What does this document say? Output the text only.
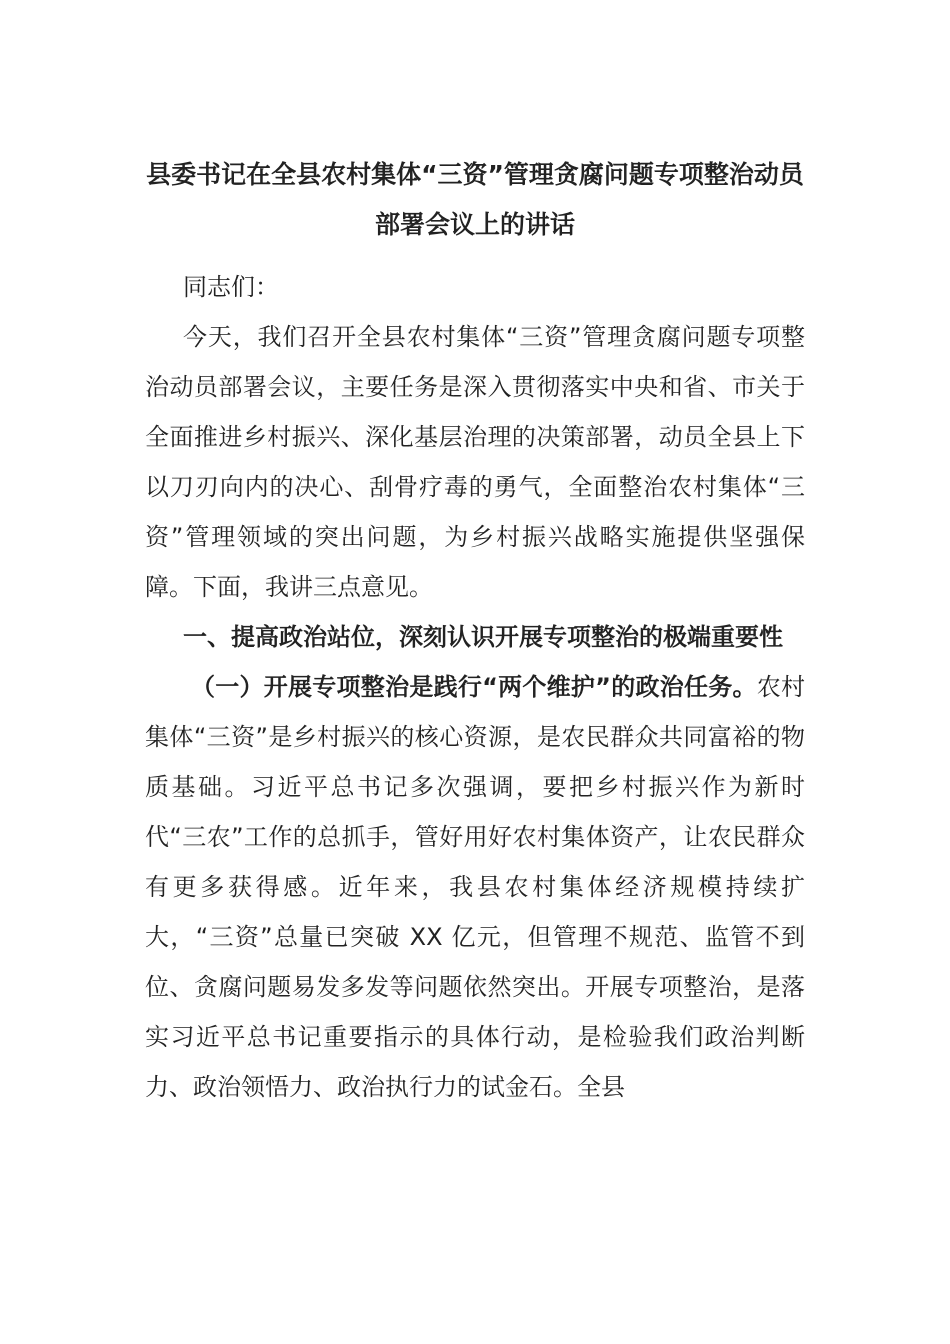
县委书记在全县农村集体“三资”管理贪腐问题专项整治动员
部署会议上的讲话

同志们：

今天，我们召开全县农村集体“三资”管理贪腐问题专项整治动员部署会议，主要任务是深入贯彻落实中央和省、市关于全面推进乡村振兴、深化基层治理的决策部署，动员全县上下以刀刃向内的决心、刮骨疗毒的勇气，全面整治农村集体“三资”管理领域的突出问题，为乡村振兴战略实施提供坚强保障。下面，我讲三点意见。

一、提高政治站位，深刻认识开展专项整治的极端重要性

（一）开展专项整治是践行“两个维护”的政治任务。农村集体“三资”是乡村振兴的核心资源，是农民群众共同富裕的物质基础。习近平总书记多次强调，要把乡村振兴作为新时代“三农”工作的总抓手，管好用好农村集体资产，让农民群众有更多获得感。近年来，我县农村集体经济规模持续扩大，“三资”总量已突破 XX 亿元，但管理不规范、监管不到位、贪腐问题易发多发等问题依然突出。开展专项整治，是落实习近平总书记重要指示的具体行动，是检验我们政治判断力、政治领悟力、政治执行力的试金石。全县
